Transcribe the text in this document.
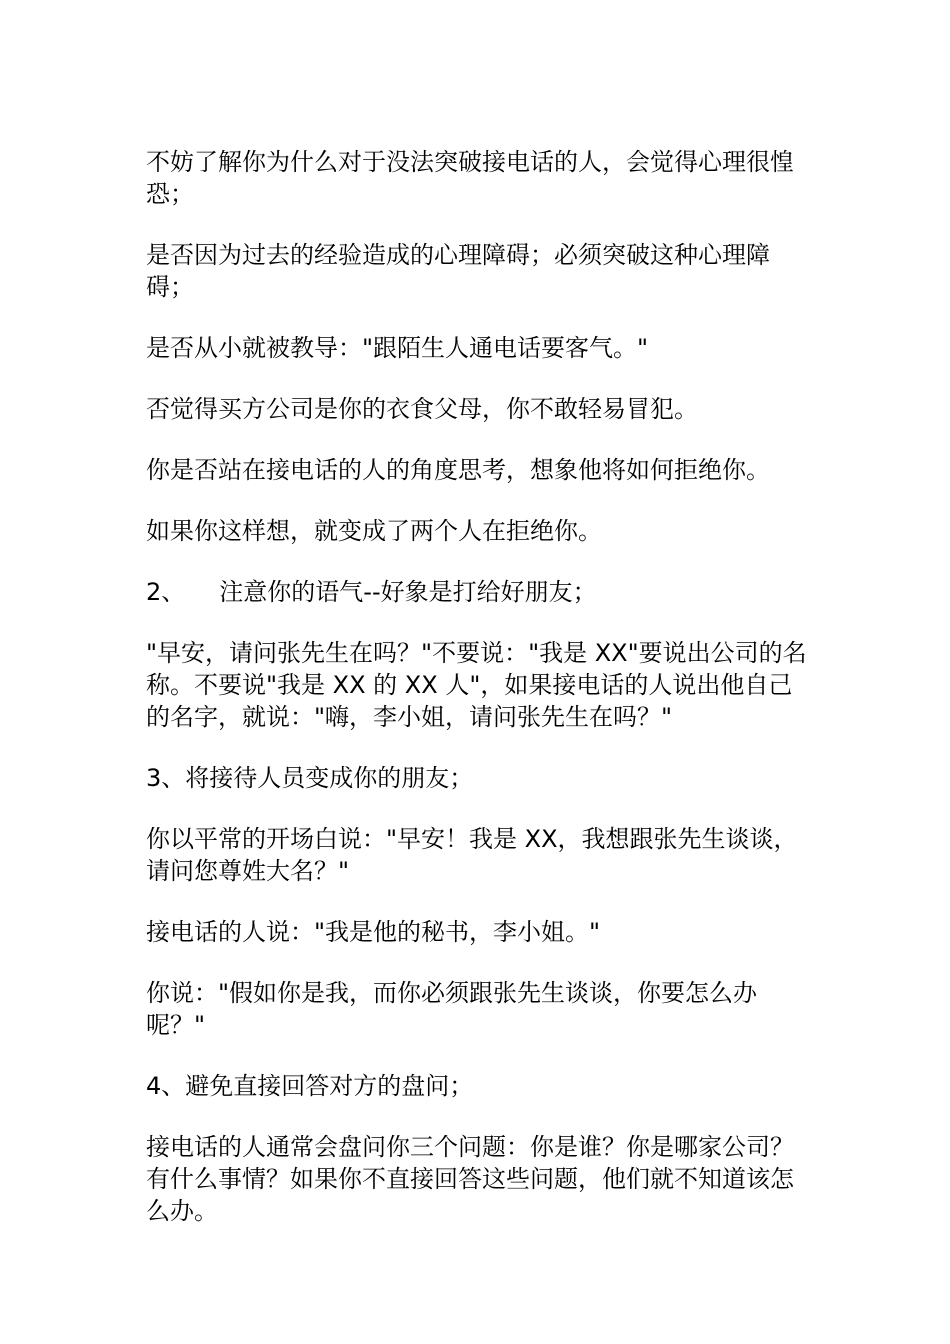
不妨了解你为什么对于没法突破接电话的人，会觉得心理很惶恐；

是否因为过去的经验造成的心理障碍；必须突破这种心理障碍；

是否从小就被教导："跟陌生人通电话要客气。"

否觉得买方公司是你的衣食父母，你不敢轻易冒犯。

你是否站在接电话的人的角度思考，想象他将如何拒绝你。

如果你这样想，就变成了两个人在拒绝你。

2、 注意你的语气--好象是打给好朋友；

"早安，请问张先生在吗？"不要说："我是 XX"要说出公司的名称。不要说"我是 XX 的 XX 人"，如果接电话的人说出他自己的名字，就说："嗨，李小姐，请问张先生在吗？"

3、将接待人员变成你的朋友；

你以平常的开场白说："早安！我是 XX，我想跟张先生谈谈，请问您尊姓大名？"

接电话的人说："我是他的秘书，李小姐。"

你说："假如你是我，而你必须跟张先生谈谈，你要怎么办呢？"

4、避免直接回答对方的盘问；

接电话的人通常会盘问你三个问题：你是谁？你是哪家公司？有什么事情？如果你不直接回答这些问题，他们就不知道该怎么办。
